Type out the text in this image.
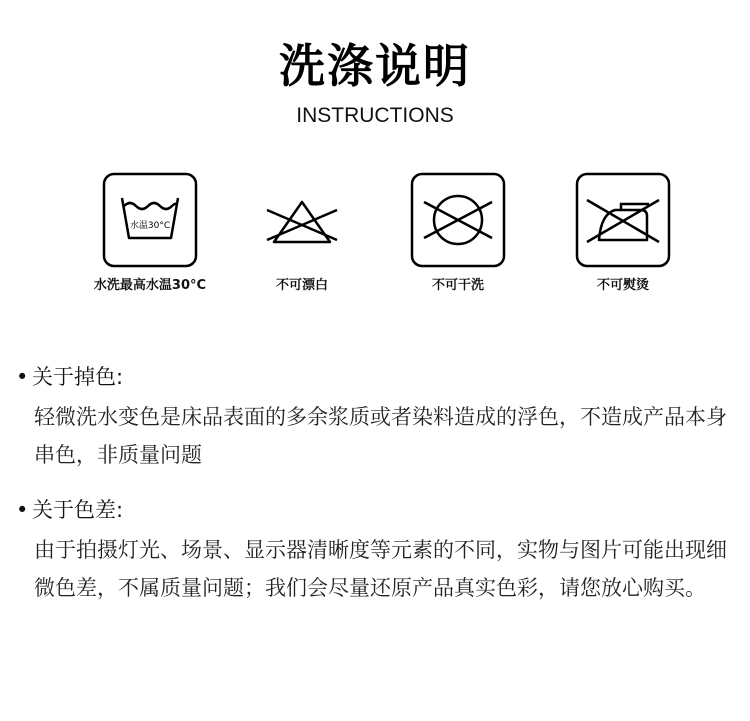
洗涤说明
INSTRUCTIONS
水温30°C
水洗最高水温30°C	不可漂白	不可干洗	不可熨烫
• 关于掉色:
轻微洗水变色是床品表面的多余浆质或者染料造成的浮色，不造成产品本身串色，非质量问题
• 关于色差:
由于拍摄灯光、场景、显示器清晰度等元素的不同，实物与图片可能出现细微色差，不属质量问题；我们会尽量还原产品真实色彩，请您放心购买。
